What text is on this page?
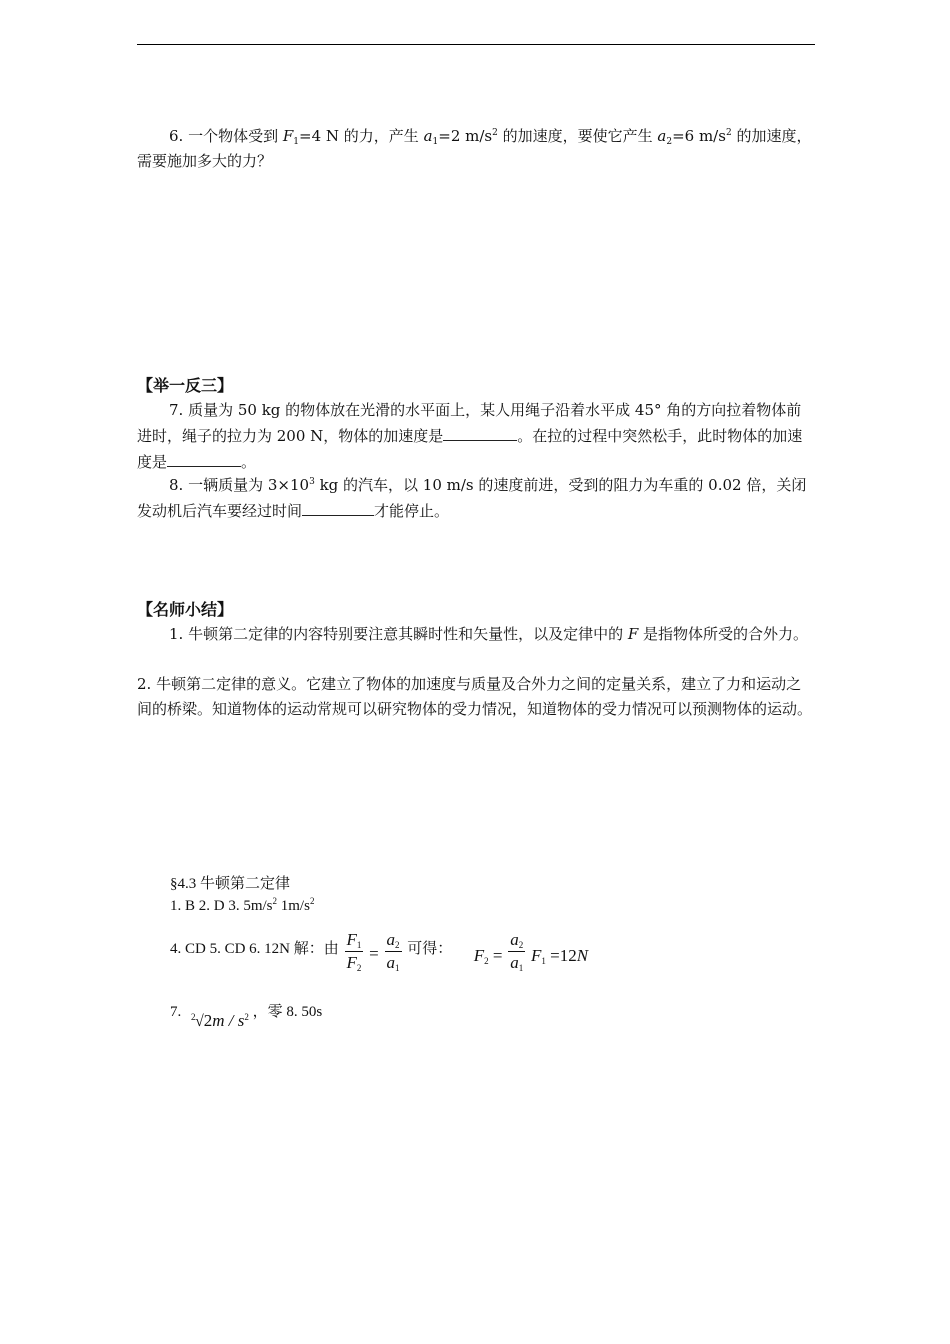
6. 一个物体受到 $F_1=4$ N 的力，产生 $a_1=2$ $m/s^2$ 的加速度，要使它产生 $a_2=6$ $m/s^2$ 的加速度，需要施加多大的力？
【举一反三】
7. 质量为 50 kg 的物体放在光滑的水平面上，某人用绳子沿着水平成 45° 角的方向拉着物体前进时，绳子的拉力为 200 N，物体的加速度是	。在拉的过程中突然松手，此时物体的加速度是	。
8. 一辆质量为 $3\times 10^3$ kg 的汽车，以 10 m/s 的速度前进，受到的阻力为车重的 0.02 倍，关闭发动机后汽车要经过时间	才能停止。
【名师小结】
1. 牛顿第二定律的内容特别要注意其瞬时性和矢量性，以及定律中的 F 是指物体所受的合外力。
2. 牛顿第二定律的意义。它建立了物体的加速度与质量及合外力之间的定量关系，建立了力和运动之间的桥梁。知道物体的运动常规可以研究物体的受力情况，知道物体的受力情况可以预测物体的运动。
§4.3 牛顿第二定律
1. B 2. D 3. $5m/s^2$ $1m/s^2$
4. CD 5. CD 6. 12N 解：由 $\frac{F_1}{F_2} = \frac{a_2}{a_1}$ 可得： $F_2 = \frac{a_2}{a_1} F_1 =12N$
7. 2 $√2m / s^2$ ，零 8. 50s
